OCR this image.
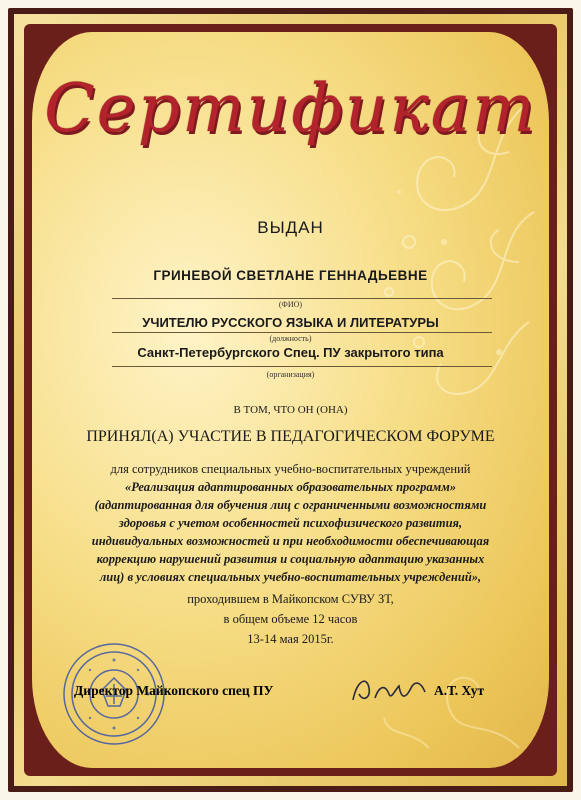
Сертификат
ВЫДАН
ГРИНЕВОЙ СВЕТЛАНЕ ГЕННАДЬЕВНЕ
(ФИО)
УЧИТЕЛЮ РУССКОГО ЯЗЫКА И ЛИТЕРАТУРЫ
(должность)
Санкт-Петербургского Спец. ПУ закрытого типа
(организация)
В ТОМ, ЧТО ОН (ОНА)
ПРИНЯЛ(А) УЧАСТИЕ В ПЕДАГОГИЧЕСКОМ ФОРУМЕ
для сотрудников специальных учебно-воспитательных учреждений
«Реализация адаптированных образовательных программ»
(адаптированная для обучения лиц с ограниченными возможностями
здоровья с учетом особенностей психофизического развития,
индивидуальных возможностей и при необходимости обеспечивающая
коррекцию нарушений развития и социальную адаптацию указанных
лиц) в условиях специальных учебно-воспитательных учреждений»,
проходившем в Майкопском СУВУ ЗТ,
в общем объеме 12 часов
13-14 мая 2015г.
Директор Майкопского спец ПУ	А.Т. Хут
